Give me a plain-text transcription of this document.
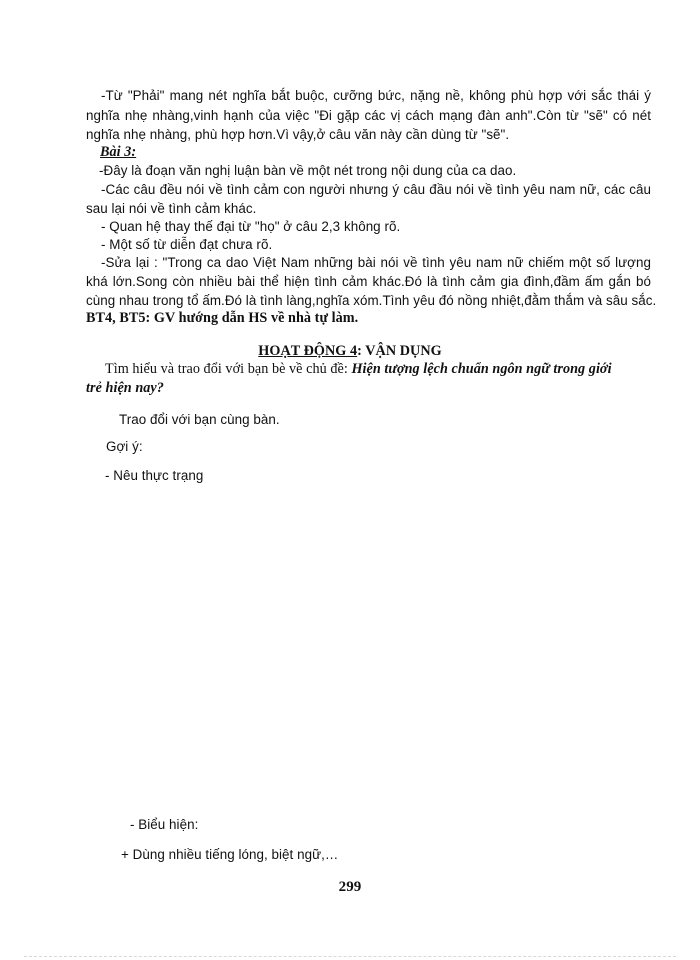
-Từ "Phải" mang nét nghĩa bắt buộc, cưỡng bức, nặng nề, không phù hợp với sắc thái ý
nghĩa nhẹ nhàng,vinh hạnh của việc "Đi gặp các vị cách mạng đàn anh".Còn từ "sẽ" có nét
nghĩa nhẹ nhàng, phù hợp hơn.Vì vậy,ở câu văn này cần dùng từ "sẽ".
Bài 3:
-Đây là đoạn văn nghị luận bàn về một nét trong nội dung của ca dao.
-Các câu đều nói về tình cảm con người nhưng ý câu đầu nói về tình yêu nam nữ, các câu
sau lại nói về tình cảm khác.
- Quan hệ thay thế đại từ "họ" ở câu 2,3 không rõ.
- Một số từ diễn đạt chưa rõ.
-Sửa lại : "Trong ca dao Việt Nam những bài nói về tình yêu nam nữ chiếm một số lượng
khá lớn.Song còn nhiều bài thể hiện tình cảm khác.Đó là tình cảm gia đình,đầm ấm gắn bó
cùng nhau trong tổ ấm.Đó là tình làng,nghĩa xóm.Tình yêu đó nồng nhiệt,đằm thắm và sâu sắc.
BT4, BT5: GV hướng dẫn HS về nhà tự làm.
HOẠT ĐỘNG 4: VẬN DỤNG
Tìm hiểu và trao đổi với bạn bè về chủ đề: Hiện tượng lệch chuẩn ngôn ngữ trong giới
trẻ hiện nay?
Trao đổi với bạn cùng bàn.
Gợi ý:
- Nêu thực trạng
- Biểu hiện:
+ Dùng nhiều tiếng lóng, biệt ngữ,…
299
